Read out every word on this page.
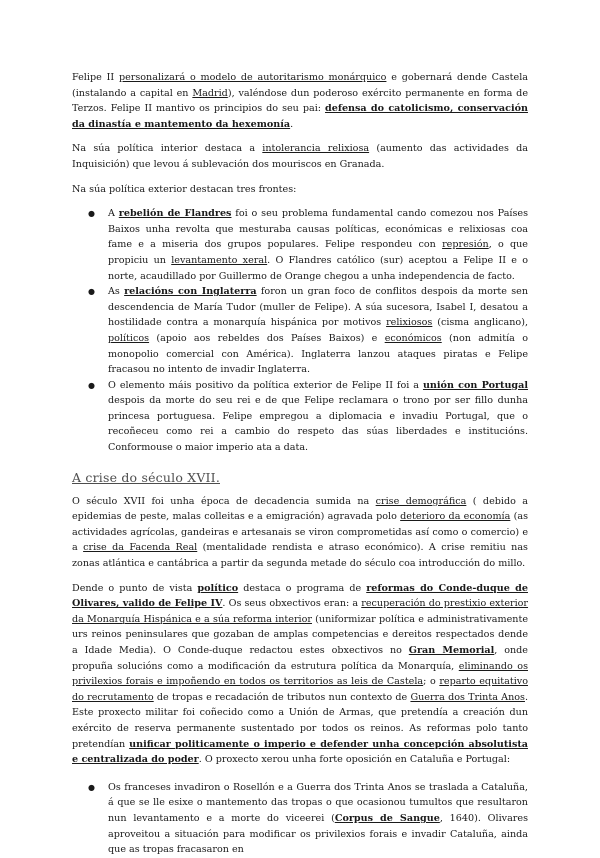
Felipe II personalizará o modelo de autoritarismo monárquico e gobernará dende Castela (instalando a capital en Madrid), valéndose dun poderoso exército permanente en forma de Terzos. Felipe II mantivo os principios do seu pai: defensa do catolicismo, conservación da dinastía e mantemento da hexemonía.

Na súa política interior destaca a intolerancia relixiosa (aumento das actividades da Inquisición) que levou á sublevación dos mouriscos en Granada.

Na súa política exterior destacan tres frontes:

● A rebelión de Flandres foi o seu problema fundamental cando comezou nos Países Baixos unha revolta que mesturaba causas políticas, económicas e relixiosas coa fame e a miseria dos grupos populares. Felipe respondeu con represión, o que propiciu un levantamento xeral. O Flandres católico (sur) aceptou a Felipe II e o norte, acaudillado por Guillermo de Orange chegou a unha independencia de facto.
● As relacións con Inglaterra foron un gran foco de conflitos despois da morte sen descendencia de María Tudor (muller de Felipe). A súa sucesora, Isabel I, desatou a hostilidade contra a monarquía hispánica por motivos relixiosos (cisma anglicano), políticos (apoio aos rebeldes dos Países Baixos) e económicos (non admitía o monopolio comercial con América). Inglaterra lanzou ataques piratas e Felipe fracasou no intento de invadir Inglaterra.
● O elemento máis positivo da política exterior de Felipe II foi a unión con Portugal despois da morte do seu rei e de que Felipe reclamara o trono por ser fillo dunha princesa portuguesa. Felipe empregou a diplomacia e invadiu Portugal, que o recoñeceu como rei a cambio do respeto das súas liberdades e institucións. Conformouse o maior imperio ata a data.
A crise do século XVII.

O século XVII foi unha época de decadencia sumida na crise demográfica ( debido a epidemias de peste, malas colleitas e a emigración) agravada polo deterioro da economía (as actividades agrícolas, gandeiras e artesanais se viron comprometidas así como o comercio) e a crise da Facenda Real (mentalidade rendista e atraso económico). A crise remitiu nas zonas atlántica e cantábrica a partir da segunda metade do século coa introducción do millo.

Dende o punto de vista político destaca o programa de reformas do Conde-duque de Olivares, valido de Felipe IV. Os seus obxectivos eran: a recuperación do prestixio exterior da Monarquía Hispánica e a súa reforma interior (uniformizar política e administrativamente urs reinos peninsulares que gozaban de amplas competencias e dereitos respectados dende a Idade Media). O Conde-duque redactou estes obxectivos no Gran Memorial, onde propuña solucións como a modificación da estrutura política da Monarquía, eliminando os privilexios forais e impoñendo en todos os territorios as leis de Castela; o reparto equitativo do recrutamento de tropas e recadación de tributos nun contexto de Guerra dos Trinta Anos. Este proxecto militar foi coñecido como a Unión de Armas, que pretendía a creación dun exército de reserva permanente sustentado por todos os reinos. As reformas polo tanto pretendían unificar politicamente o imperio e defender unha concepción absolutista e centralizada do poder. O proxecto xerou unha forte oposición en Cataluña e Portugal:

● Os franceses invadiron o Rosellón e a Guerra dos Trinta Anos se traslada a Cataluña, á que se lle esixe o mantemento das tropas o que ocasionou tumultos que resultaron nun levantamento e a morte do viceerei (Corpus de Sangue, 1640). Olivares aproveitou a situación para modificar os privilexios forais e invadir Cataluña, ainda que as tropas fracasaron en
